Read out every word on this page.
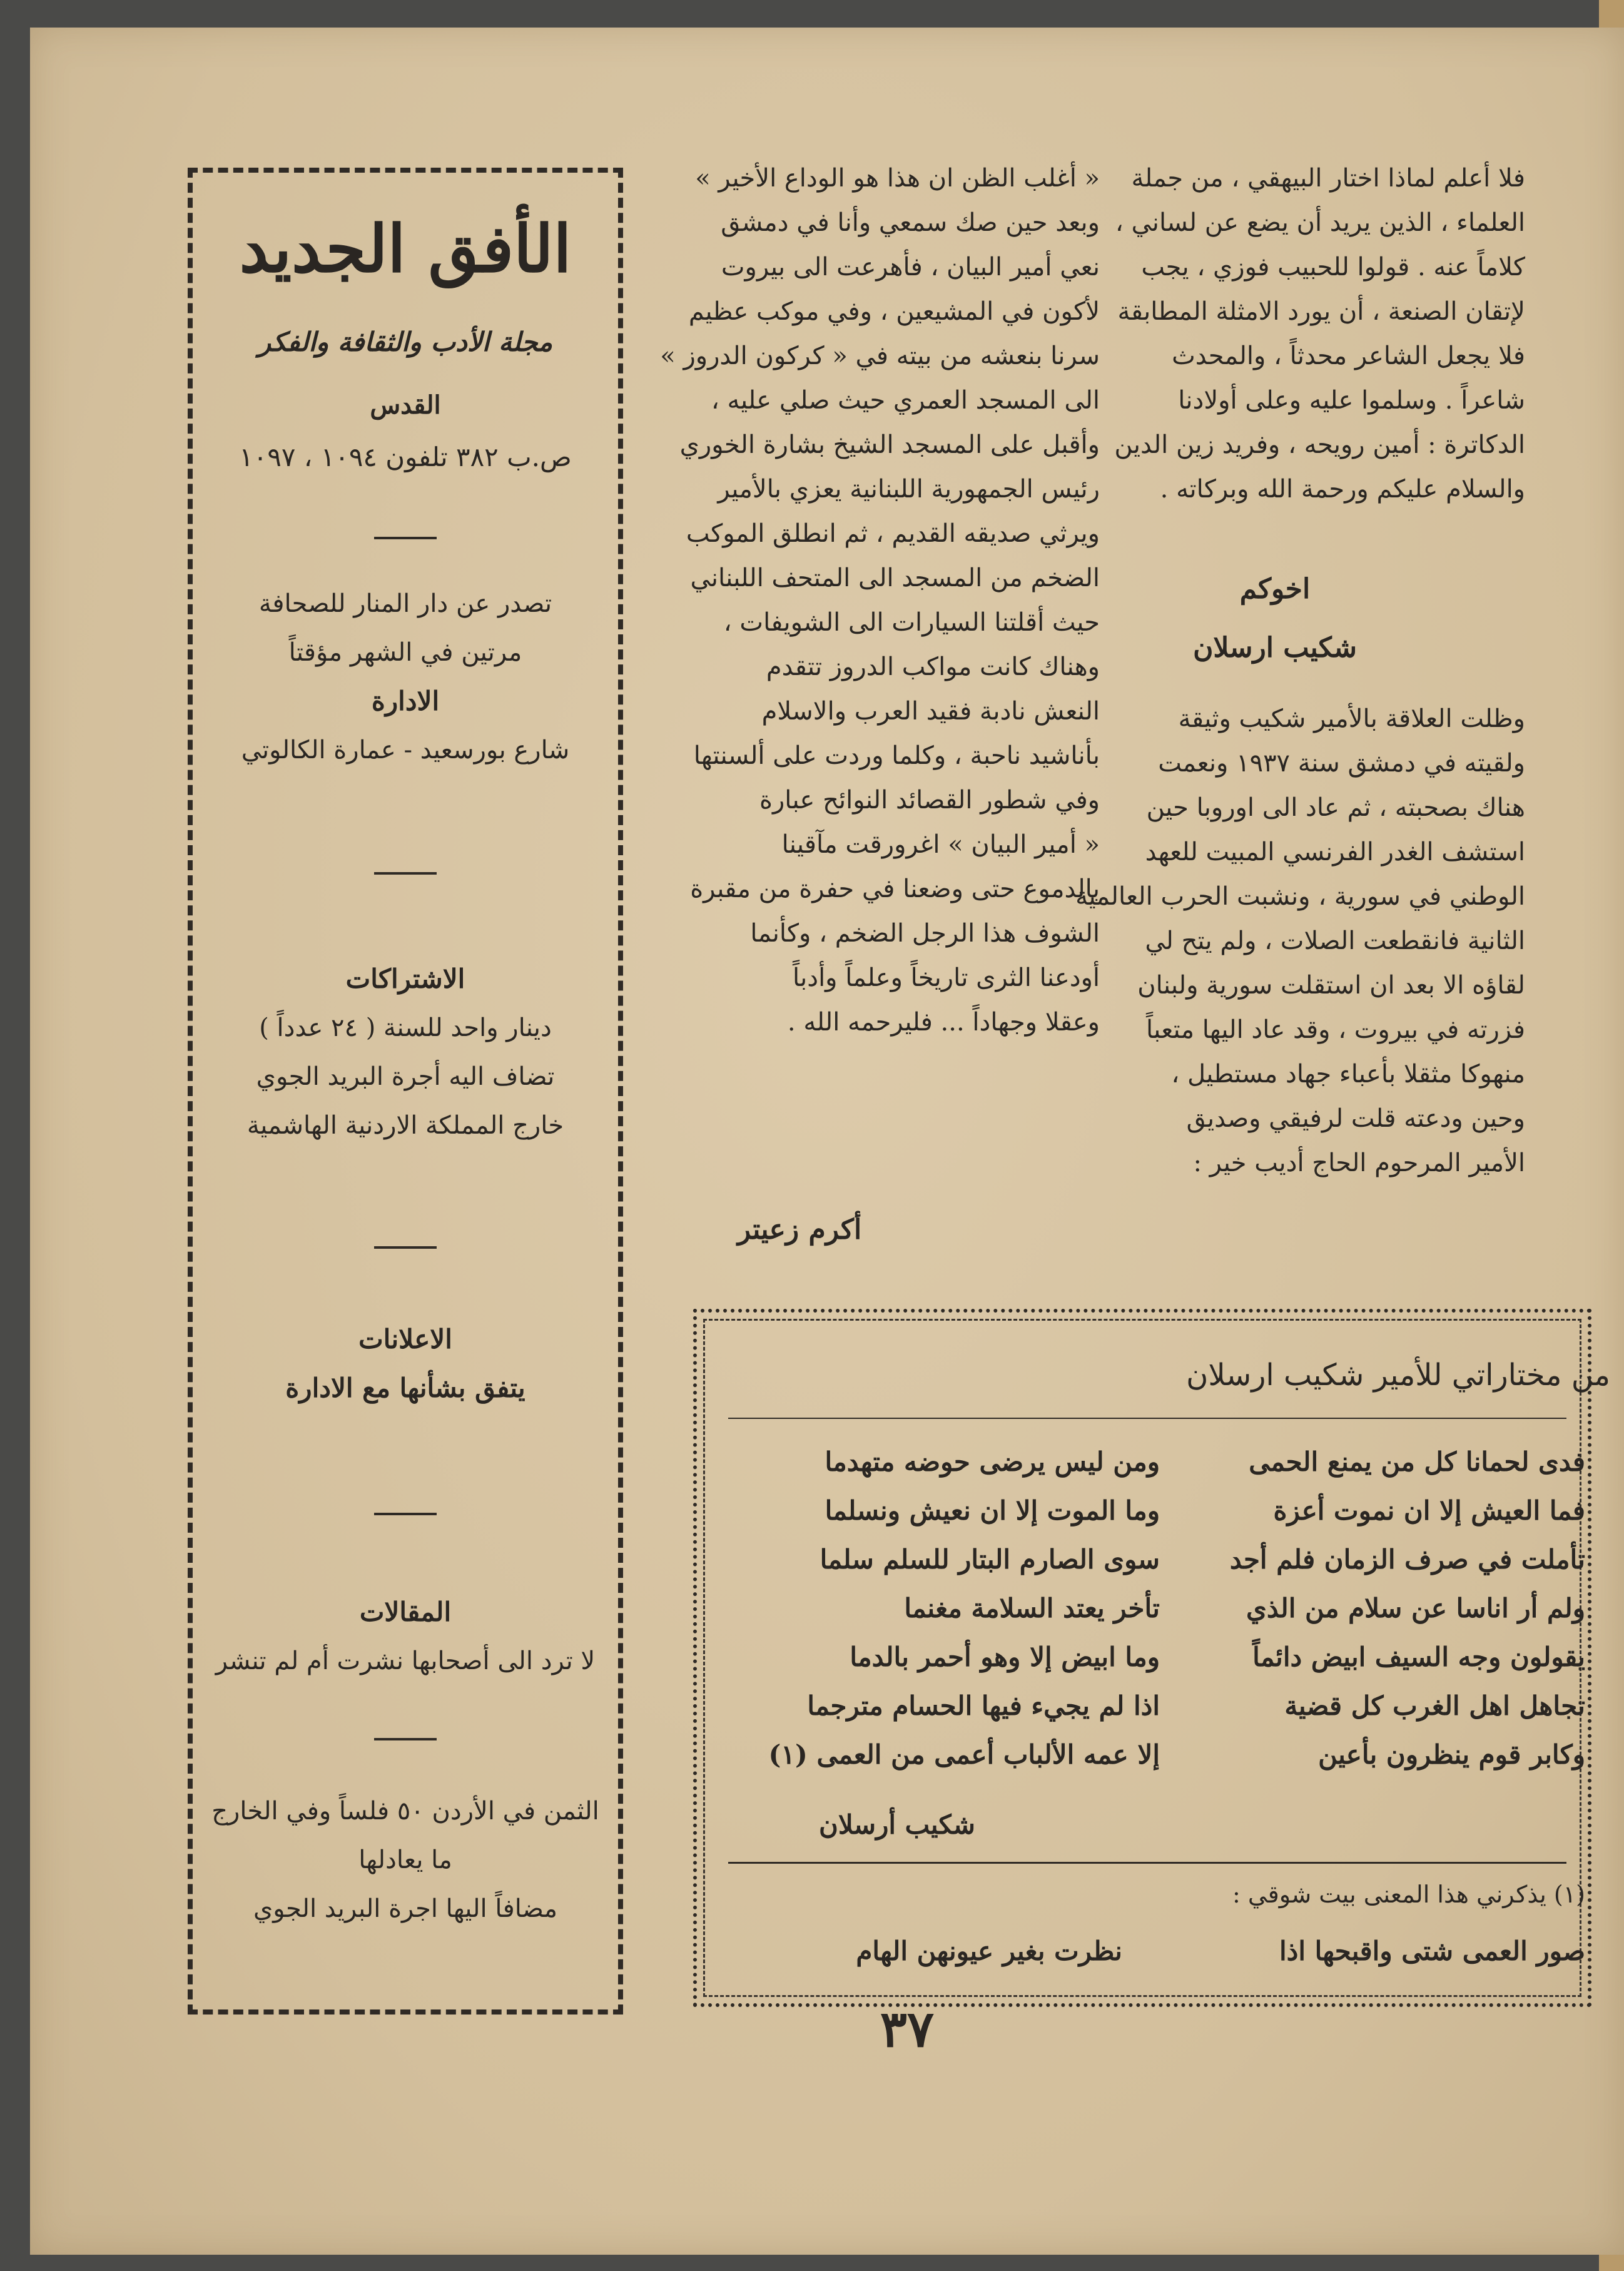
فلا أعلم لماذا اختار البيهقي ، من جملة
العلماء ، الذين يريد أن يضع عن لساني ،
كلاماً عنه . قولوا للحبيب فوزي ، يجب
لإتقان الصنعة ، أن يورد الامثلة المطابقة
فلا يجعل الشاعر محدثاً ، والمحدث
شاعراً . وسلموا عليه وعلى أولادنا
الدكاترة : أمين رويحه ، وفريد زين الدين
والسلام عليكم ورحمة الله وبركاته .
اخوكم
شكيب ارسلان
وظلت العلاقة بالأمير شكيب وثيقة
ولقيته في دمشق سنة ١٩٣٧ ونعمت
هناك بصحبته ، ثم عاد الى اوروبا حين
استشف الغدر الفرنسي المبيت للعهد
الوطني في سورية ، ونشبت الحرب العالمية
الثانية فانقطعت الصلات ، ولم يتح لي
لقاؤه الا بعد ان استقلت سورية ولبنان
فزرته في بيروت ، وقد عاد اليها متعباً
منهوكا مثقلا بأعباء جهاد مستطيل ،
وحين ودعته قلت لرفيقي وصديق
الأمير المرحوم الحاج أديب خير :
« أغلب الظن ان هذا هو الوداع الأخير »
وبعد حين صك سمعي وأنا في دمشق
نعي أمير البيان ، فأهرعت الى بيروت
لأكون في المشيعين ، وفي موكب عظيم
سرنا بنعشه من بيته في « كركون الدروز »
الى المسجد العمري حيث صلي عليه ،
وأقبل على المسجد الشيخ بشارة الخوري
رئيس الجمهورية اللبنانية يعزي بالأمير
ويرثي صديقه القديم ، ثم انطلق الموكب
الضخم من المسجد الى المتحف اللبناني
حيث أقلتنا السيارات الى الشويفات ،
وهناك كانت مواكب الدروز تتقدم
النعش نادبة فقيد العرب والاسلام
بأناشيد ناحبة ، وكلما وردت على ألسنتها
وفي شطور القصائد النوائح عبارة
« أمير البيان » اغرورقت مآقينا
بالدموع حتى وضعنا في حفرة من مقبرة
الشوف هذا الرجل الضخم ، وكأنما
أودعنا الثرى تاريخاً وعلماً وأدباً
وعقلا وجهاداً ... فليرحمه الله .
أكرم زعيتر
الأفق الجديد
مجلة الأدب والثقافة والفكر
القدس
ص.ب ٣٨٢ تلفون ١٠٩٤ ، ١٠٩٧
تصدر عن دار المنار للصحافة
مرتين في الشهر مؤقتاً
الادارة
شارع بورسعيد - عمارة الكالوتي
الاشتراكات
دينار واحد للسنة ( ٢٤ عدداً )
تضاف اليه أجرة البريد الجوي
خارج المملكة الاردنية الهاشمية
الاعلانات
يتفق بشأنها مع الادارة
المقالات
لا ترد الى أصحابها نشرت أم لم تنشر
الثمن في الأردن ٥٠ فلساً وفي الخارج
ما يعادلها
مضافاً اليها اجرة البريد الجوي
من مختاراتي للأمير شكيب ارسلان
فدى لحمانا كل من يمنع الحمى
فما العيش إلا ان نموت أعزة
تأملت في صرف الزمان فلم أجد
ولم أر اناسا عن سلام من الذي
يقولون وجه السيف ابيض دائماً
تجاهل اهل الغرب كل قضية
وكابر قوم ينظرون بأعين
ومن ليس يرضى حوضه متهدما
وما الموت إلا ان نعيش ونسلما
سوى الصارم البتار للسلم سلما
تأخر يعتد السلامة مغنما
وما ابيض إلا وهو أحمر بالدما
اذا لم يجيء فيها الحسام مترجما
إلا عمه الألباب أعمى من العمى (١)
شكيب أرسلان
(١) يذكرني هذا المعنى بيت شوقي :
صور العمى شتى واقبحها اذا
نظرت بغير عيونهن الهام
٣٧
